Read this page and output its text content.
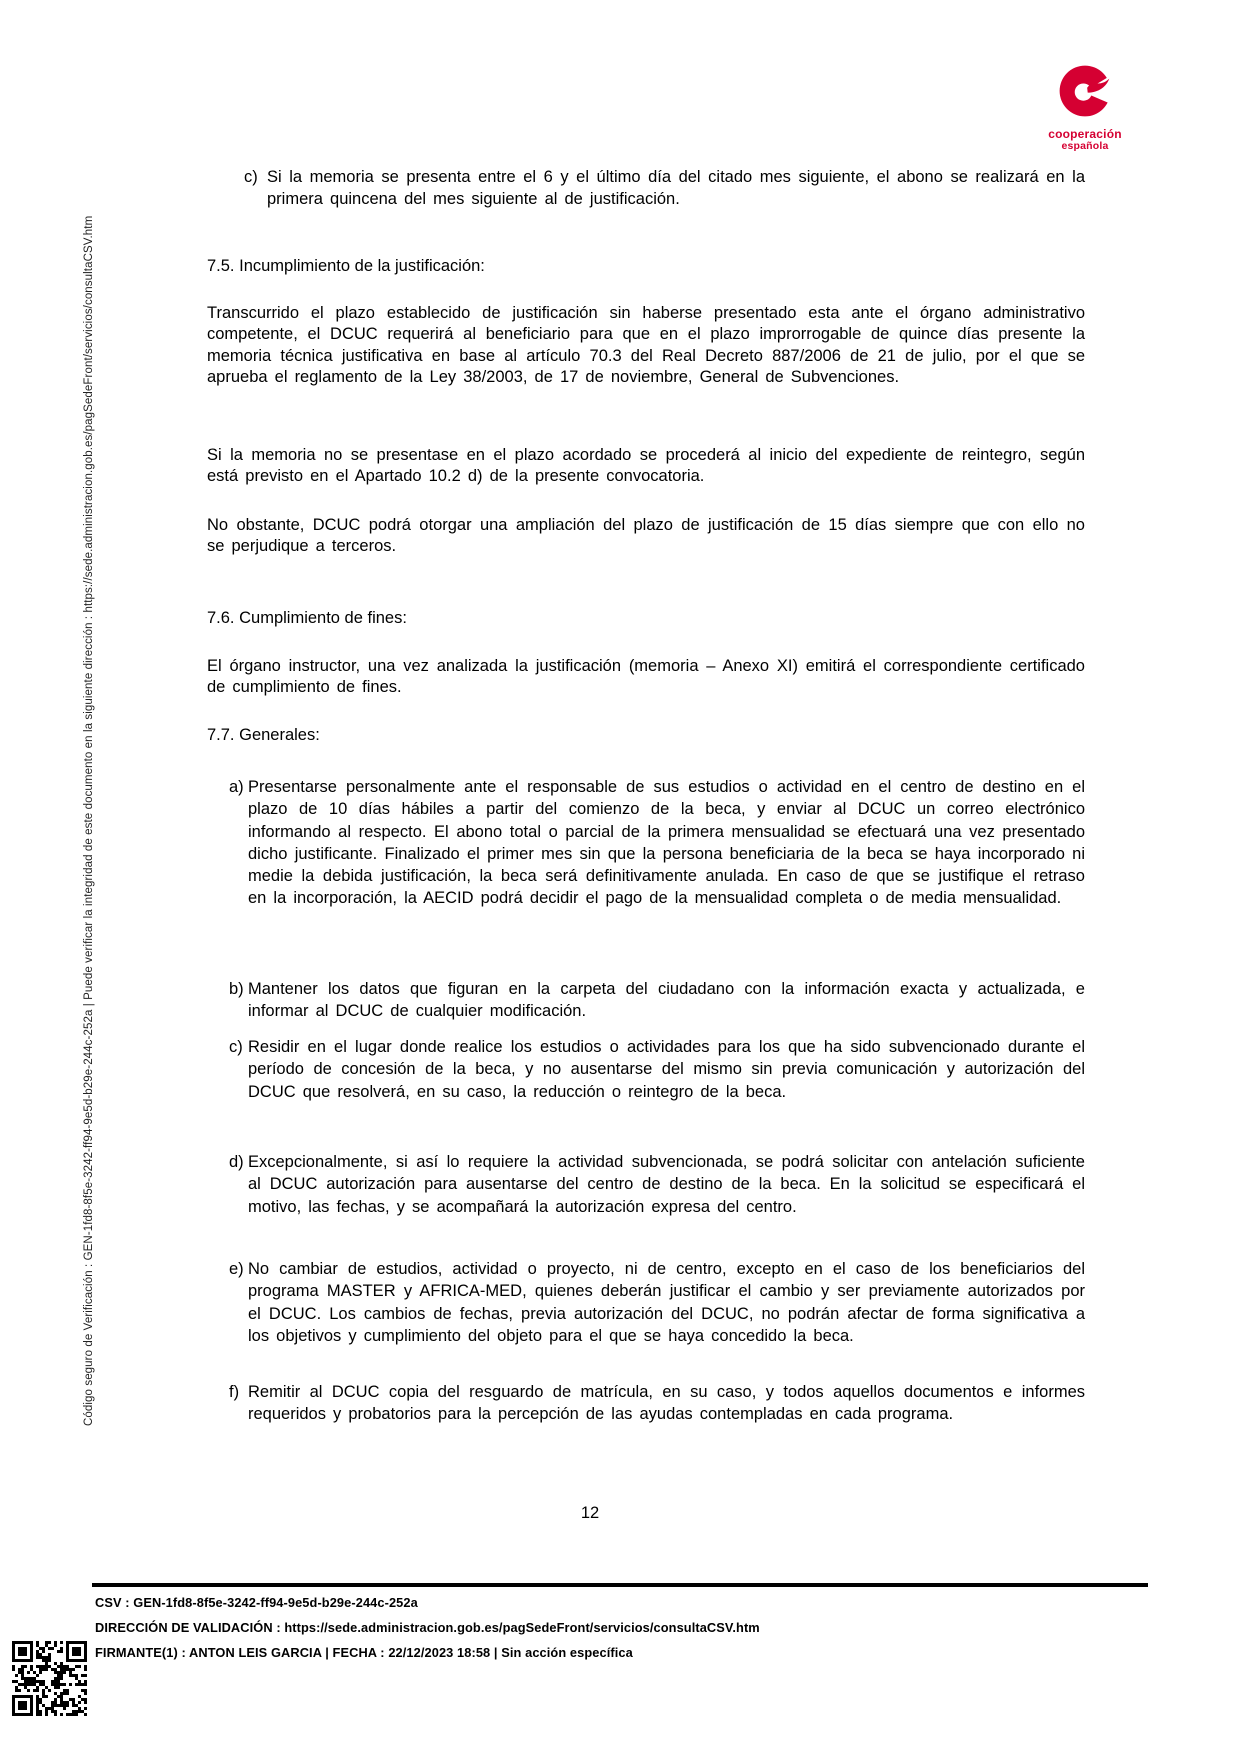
Código seguro de Verificación : GEN-1fd8-8f5e-3242-ff94-9e5d-b29e-244c-252a | Puede verificar la integridad de este documento en la siguiente dirección : https://sede.administracion.gob.es/pagSedeFront/servicios/consultaCSV.htm
cooperación
española
c) Si la memoria se presenta entre el 6 y el último día del citado mes siguiente, el abono se realizará en la primera quincena del mes siguiente al de justificación.
7.5. Incumplimiento de la justificación:
Transcurrido el plazo establecido de justificación sin haberse presentado esta ante el órgano administrativo competente, el DCUC requerirá al beneficiario para que en el plazo improrrogable de quince días presente la memoria técnica justificativa en base al artículo 70.3 del Real Decreto 887/2006 de 21 de julio, por el que se aprueba el reglamento de la Ley 38/2003, de 17 de noviembre, General de Subvenciones.
Si la memoria no se presentase en el plazo acordado se procederá al inicio del expediente de reintegro, según está previsto en el Apartado 10.2 d) de la presente convocatoria.
No obstante, DCUC podrá otorgar una ampliación del plazo de justificación de 15 días siempre que con ello no se perjudique a terceros.
7.6. Cumplimiento de fines:
El órgano instructor, una vez analizada la justificación (memoria – Anexo XI) emitirá el correspondiente certificado de cumplimiento de fines.
7.7. Generales:
a) Presentarse personalmente ante el responsable de sus estudios o actividad en el centro de destino en el plazo de 10 días hábiles a partir del comienzo de la beca, y enviar al DCUC un correo electrónico informando al respecto. El abono total o parcial de la primera mensualidad se efectuará una vez presentado dicho justificante. Finalizado el primer mes sin que la persona beneficiaria de la beca se haya incorporado ni medie la debida justificación, la beca será definitivamente anulada. En caso de que se justifique el retraso en la incorporación, la AECID podrá decidir el pago de la mensualidad completa o de media mensualidad.
b) Mantener los datos que figuran en la carpeta del ciudadano con la información exacta y actualizada, e informar al DCUC de cualquier modificación.
c) Residir en el lugar donde realice los estudios o actividades para los que ha sido subvencionado durante el período de concesión de la beca, y no ausentarse del mismo sin previa comunicación y autorización del DCUC que resolverá, en su caso, la reducción o reintegro de la beca.
d) Excepcionalmente, si así lo requiere la actividad subvencionada, se podrá solicitar con antelación suficiente al DCUC autorización para ausentarse del centro de destino de la beca. En la solicitud se especificará el motivo, las fechas, y se acompañará la autorización expresa del centro.
e) No cambiar de estudios, actividad o proyecto, ni de centro, excepto en el caso de los beneficiarios del programa MASTER y AFRICA-MED, quienes deberán justificar el cambio y ser previamente autorizados por el DCUC. Los cambios de fechas, previa autorización del DCUC, no podrán afectar de forma significativa a los objetivos y cumplimiento del objeto para el que se haya concedido la beca.
f) Remitir al DCUC copia del resguardo de matrícula, en su caso, y todos aquellos documentos e informes requeridos y probatorios para la percepción de las ayudas contempladas en cada programa.
12
CSV : GEN-1fd8-8f5e-3242-ff94-9e5d-b29e-244c-252a
DIRECCIÓN DE VALIDACIÓN : https://sede.administracion.gob.es/pagSedeFront/servicios/consultaCSV.htm
FIRMANTE(1) : ANTON LEIS GARCIA | FECHA : 22/12/2023 18:58 | Sin acción específica
